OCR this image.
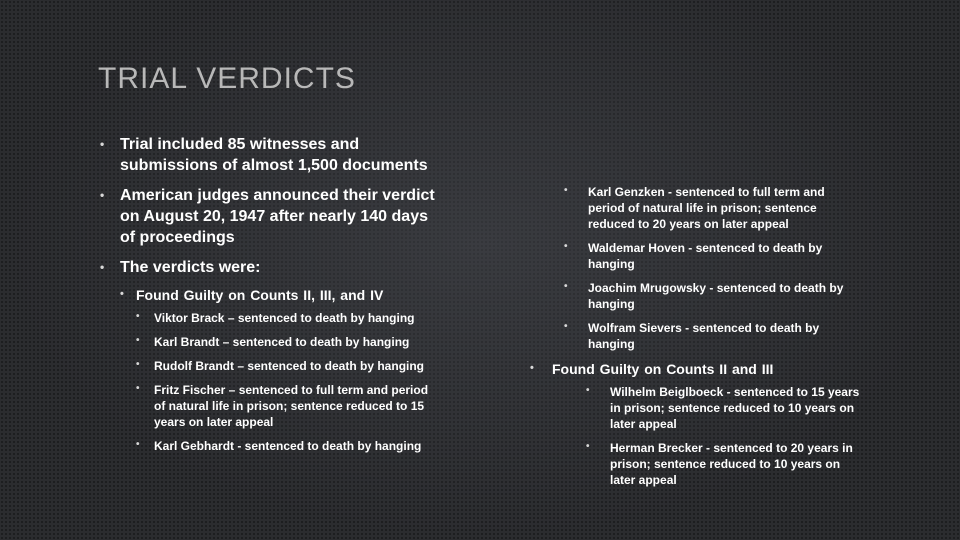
TRIAL VERDICTS
• Trial included 85 witnesses and submissions of almost 1,500 documents
• American judges announced their verdict on August 20, 1947 after nearly 140 days of proceedings
• The verdicts were:
• Found Guilty on Counts II, III, and IV
• Viktor Brack – sentenced to death by hanging
• Karl Brandt – sentenced to death by hanging
• Rudolf Brandt – sentenced to death by hanging
• Fritz Fischer – sentenced to full term and period of natural life in prison; sentence reduced to 15 years on later appeal
• Karl Gebhardt - sentenced to death by hanging
• Karl Genzken - sentenced to full term and period of natural life in prison; sentence reduced to 20 years on later appeal
• Waldemar Hoven - sentenced to death by hanging
• Joachim Mrugowsky - sentenced to death by hanging
• Wolfram Sievers - sentenced to death by hanging
• Found Guilty on Counts II and III
• Wilhelm Beiglboeck - sentenced to 15 years in prison; sentence reduced to 10 years on later appeal
• Herman Brecker - sentenced to 20 years in prison; sentence reduced to 10 years on later appeal
